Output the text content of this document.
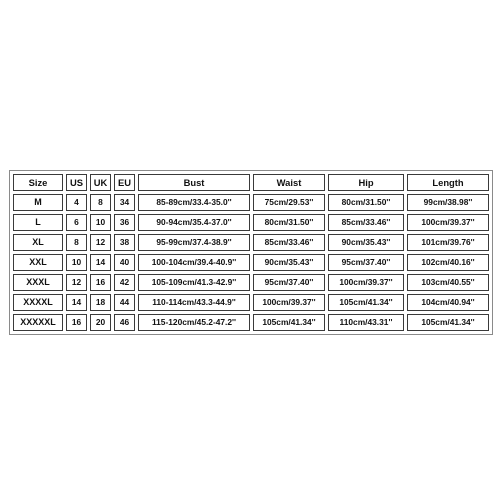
Size	US	UK	EU	Bust	Waist	Hip	Length
M	4	8	34	85-89cm/33.4-35.0''	75cm/29.53''	80cm/31.50''	99cm/38.98''
L	6	10	36	90-94cm/35.4-37.0''	80cm/31.50''	85cm/33.46''	100cm/39.37''
XL	8	12	38	95-99cm/37.4-38.9''	85cm/33.46''	90cm/35.43''	101cm/39.76''
XXL	10	14	40	100-104cm/39.4-40.9''	90cm/35.43''	95cm/37.40''	102cm/40.16''
XXXL	12	16	42	105-109cm/41.3-42.9''	95cm/37.40''	100cm/39.37''	103cm/40.55''
XXXXL	14	18	44	110-114cm/43.3-44.9''	100cm/39.37''	105cm/41.34''	104cm/40.94''
XXXXXL	16	20	46	115-120cm/45.2-47.2''	105cm/41.34''	110cm/43.31''	105cm/41.34''
